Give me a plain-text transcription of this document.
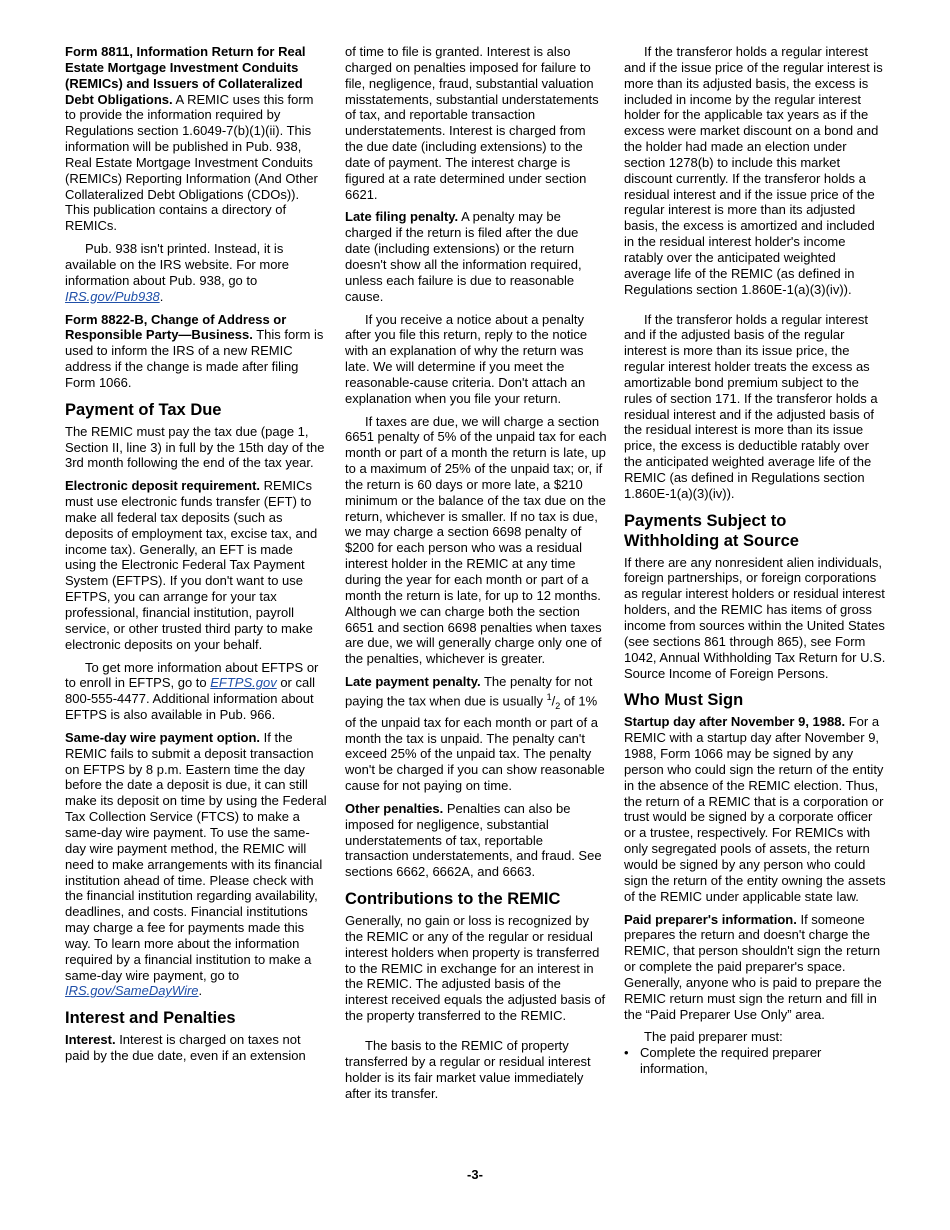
Form 8811, Information Return for Real Estate Mortgage Investment Conduits (REMICs) and Issuers of Collateralized Debt Obligations. A REMIC uses this form to provide the information required by Regulations section 1.6049-7(b)(1)(ii). This information will be published in Pub. 938, Real Estate Mortgage Investment Conduits (REMICs) Reporting Information (And Other Collateralized Debt Obligations (CDOs)). This publication contains a directory of REMICs.

Pub. 938 isn't printed. Instead, it is available on the IRS website. For more information about Pub. 938, go to IRS.gov/Pub938.

Form 8822-B, Change of Address or Responsible Party—Business. This form is used to inform the IRS of a new REMIC address if the change is made after filing Form 1066.

Payment of Tax Due

The REMIC must pay the tax due (page 1, Section II, line 3) in full by the 15th day of the 3rd month following the end of the tax year.

Electronic deposit requirement. REMICs must use electronic funds transfer (EFT) to make all federal tax deposits (such as deposits of employment tax, excise tax, and income tax). Generally, an EFT is made using the Electronic Federal Tax Payment System (EFTPS). If you don't want to use EFTPS, you can arrange for your tax professional, financial institution, payroll service, or other trusted third party to make electronic deposits on your behalf.

To get more information about EFTPS or to enroll in EFTPS, go to EFTPS.gov or call 800-555-4477. Additional information about EFTPS is also available in Pub. 966.

Same-day wire payment option. If the REMIC fails to submit a deposit transaction on EFTPS by 8 p.m. Eastern time the day before the date a deposit is due, it can still make its deposit on time by using the Federal Tax Collection Service (FTCS) to make a same-day wire payment. To use the same-day wire payment method, the REMIC will need to make arrangements with its financial institution ahead of time. Please check with the financial institution regarding availability, deadlines, and costs. Financial institutions may charge a fee for payments made this way. To learn more about the information required by a financial institution to make a same-day wire payment, go to IRS.gov/SameDayWire.

Interest and Penalties

Interest. Interest is charged on taxes not paid by the due date, even if an extension

of time to file is granted. Interest is also charged on penalties imposed for failure to file, negligence, fraud, substantial valuation misstatements, substantial understatements of tax, and reportable transaction understatements. Interest is charged from the due date (including extensions) to the date of payment. The interest charge is figured at a rate determined under section 6621.

Late filing penalty. A penalty may be charged if the return is filed after the due date (including extensions) or the return doesn't show all the information required, unless each failure is due to reasonable cause.

If you receive a notice about a penalty after you file this return, reply to the notice with an explanation of why the return was late. We will determine if you meet the reasonable-cause criteria. Don't attach an explanation when you file your return.

If taxes are due, we will charge a section 6651 penalty of 5% of the unpaid tax for each month or part of a month the return is late, up to a maximum of 25% of the unpaid tax; or, if the return is 60 days or more late, a $210 minimum or the balance of the tax due on the return, whichever is smaller. If no tax is due, we may charge a section 6698 penalty of $200 for each person who was a residual interest holder in the REMIC at any time during the year for each month or part of a month the return is late, for up to 12 months. Although we can charge both the section 6651 and section 6698 penalties when taxes are due, we will generally charge only one of the penalties, whichever is greater.

Late payment penalty. The penalty for not paying the tax when due is usually $^1/_2$ of 1% of the unpaid tax for each month or part of a month the tax is unpaid. The penalty can't exceed 25% of the unpaid tax. The penalty won't be charged if you can show reasonable cause for not paying on time.

Other penalties. Penalties can also be imposed for negligence, substantial understatements of tax, reportable transaction understatements, and fraud. See sections 6662, 6662A, and 6663.

Contributions to the REMIC

Generally, no gain or loss is recognized by the REMIC or any of the regular or residual interest holders when property is transferred to the REMIC in exchange for an interest in the REMIC. The adjusted basis of the interest received equals the adjusted basis of the property transferred to the REMIC.

The basis to the REMIC of property transferred by a regular or residual interest holder is its fair market value immediately after its transfer.

If the transferor holds a regular interest and if the issue price of the regular interest is more than its adjusted basis, the excess is included in income by the regular interest holder for the applicable tax years as if the excess were market discount on a bond and the holder had made an election under section 1278(b) to include this market discount currently. If the transferor holds a residual interest and if the issue price of the regular interest is more than its adjusted basis, the excess is amortized and included in the residual interest holder's income ratably over the anticipated weighted average life of the REMIC (as defined in Regulations section 1.860E-1(a)(3)(iv)).

If the transferor holds a regular interest and if the adjusted basis of the regular interest is more than its issue price, the regular interest holder treats the excess as amortizable bond premium subject to the rules of section 171. If the transferor holds a residual interest and if the adjusted basis of the residual interest is more than its issue price, the excess is deductible ratably over the anticipated weighted average life of the REMIC (as defined in Regulations section 1.860E-1(a)(3)(iv)).

Payments Subject to Withholding at Source

If there are any nonresident alien individuals, foreign partnerships, or foreign corporations as regular interest holders or residual interest holders, and the REMIC has items of gross income from sources within the United States (see sections 861 through 865), see Form 1042, Annual Withholding Tax Return for U.S. Source Income of Foreign Persons.

Who Must Sign

Startup day after November 9, 1988. For a REMIC with a startup day after November 9, 1988, Form 1066 may be signed by any person who could sign the return of the entity in the absence of the REMIC election. Thus, the return of a REMIC that is a corporation or trust would be signed by a corporate officer or a trustee, respectively. For REMICs with only segregated pools of assets, the return would be signed by any person who could sign the return of the entity owning the assets of the REMIC under applicable state law.

Paid preparer's information. If someone prepares the return and doesn't charge the REMIC, that person shouldn't sign the return or complete the paid preparer's space. Generally, anyone who is paid to prepare the REMIC return must sign the return and fill in the “Paid Preparer Use Only” area.

The paid preparer must:

• Complete the required preparer information,

-3-
